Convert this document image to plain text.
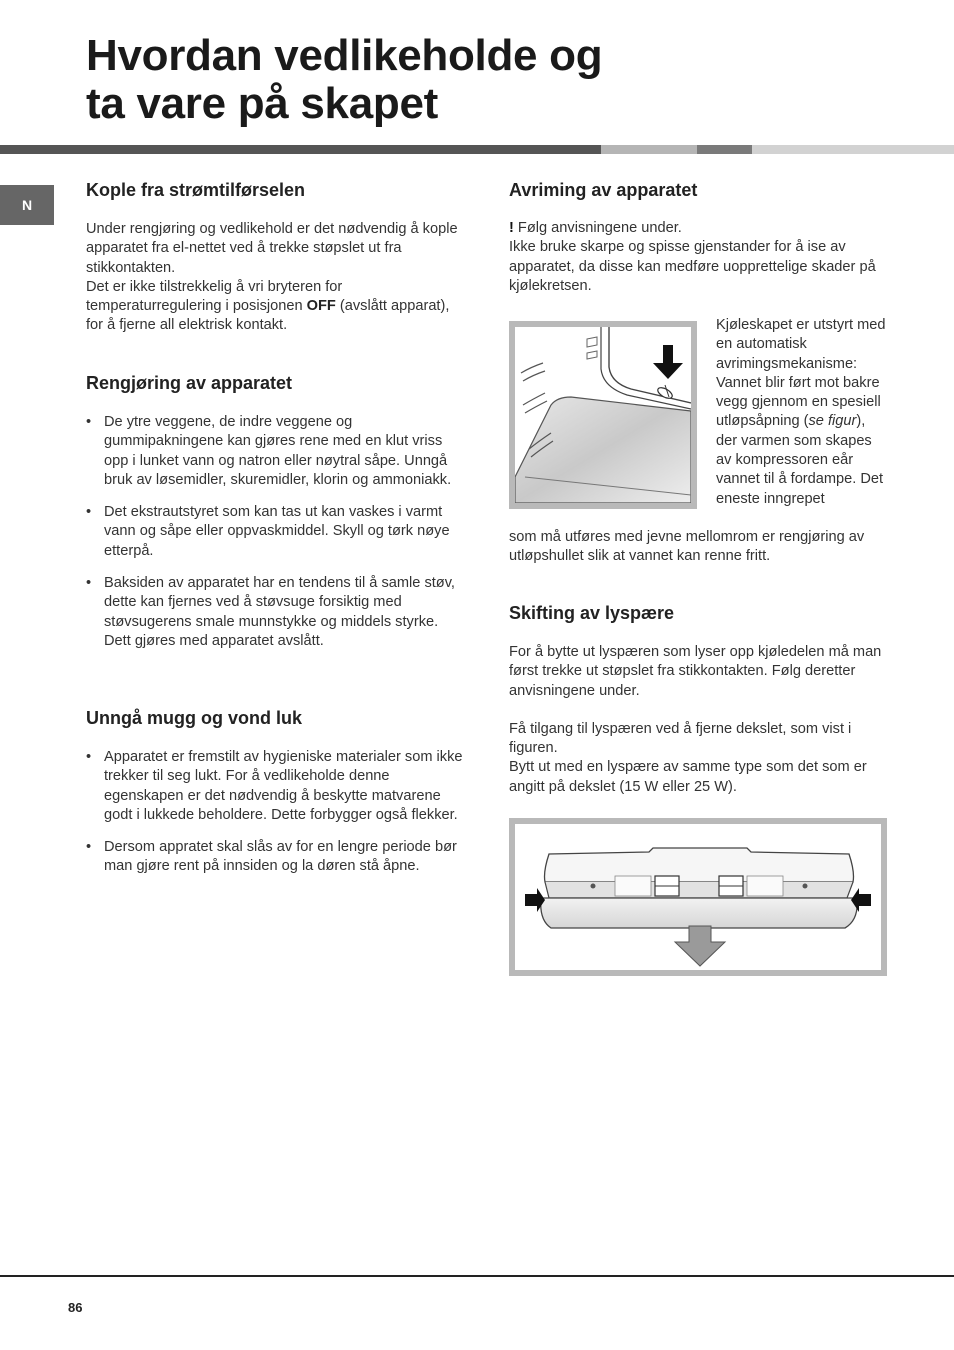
Hvordan vedlikeholde og
ta vare på skapet
N
Kople fra strømtilførselen

Under rengjøring og vedlikehold er det nødvendig å kople apparatet fra el-nettet ved å trekke støpslet ut fra stikkontakten.

Det er ikke tilstrekkelig å vri bryteren for temperaturregulering i posisjonen OFF (avslått apparat), for å fjerne all elektrisk kontakt.

Rengjøring av apparatet
• De ytre veggene, de indre veggene og gummipakningene kan gjøres rene med en klut vriss opp i lunket vann og natron eller nøytral såpe. Unngå bruk av løsemidler, skuremidler, klorin og ammoniakk.
• Det ekstrautstyret som kan tas ut kan vaskes i varmt vann og såpe eller oppvaskmiddel. Skyll og tørk nøye etterpå.
• Baksiden av apparatet har en tendens til å samle støv, dette kan fjernes ved å støvsuge forsiktig med støvsugerens smale munnstykke og middels styrke. Dett gjøres med apparatet avslått.
Unngå mugg og vond luk
• Apparatet er fremstilt av hygieniske materialer som ikke trekker til seg lukt. For å vedlikeholde denne egenskapen er det nødvendig å beskytte matvarene godt i lukkede beholdere. Dette forbygger også flekker.
• Dersom appratet skal slås av for en lengre periode bør man gjøre rent på innsiden og la døren stå åpne.
Avriming av apparatet

! Følg anvisningene under.

Ikke bruke skarpe og spisse gjenstander for å ise av apparatet, da disse kan medføre uopprettelige skader på kjølekretsen.

Kjøleskapet er utstyrt med en automatisk avrimingsmekanisme: Vannet blir ført mot bakre vegg gjennom en spesiell utløpsåpning (se figur), der varmen som skapes av kompressoren eår vannet til å fordampe. Det eneste inngrepet

som må utføres med jevne mellomrom er rengjøring av utløpshullet slik at vannet kan renne fritt.

Skifting av lyspære

For å bytte ut lyspæren som lyser opp kjøledelen må man først trekke ut støpslet fra stikkontakten. Følg deretter anvisningene under.

Få tilgang til lyspæren ved å fjerne dekslet, som vist i figuren.

Bytt ut med en lyspære av samme type som det som er angitt på dekslet (15 W eller 25 W).

86
